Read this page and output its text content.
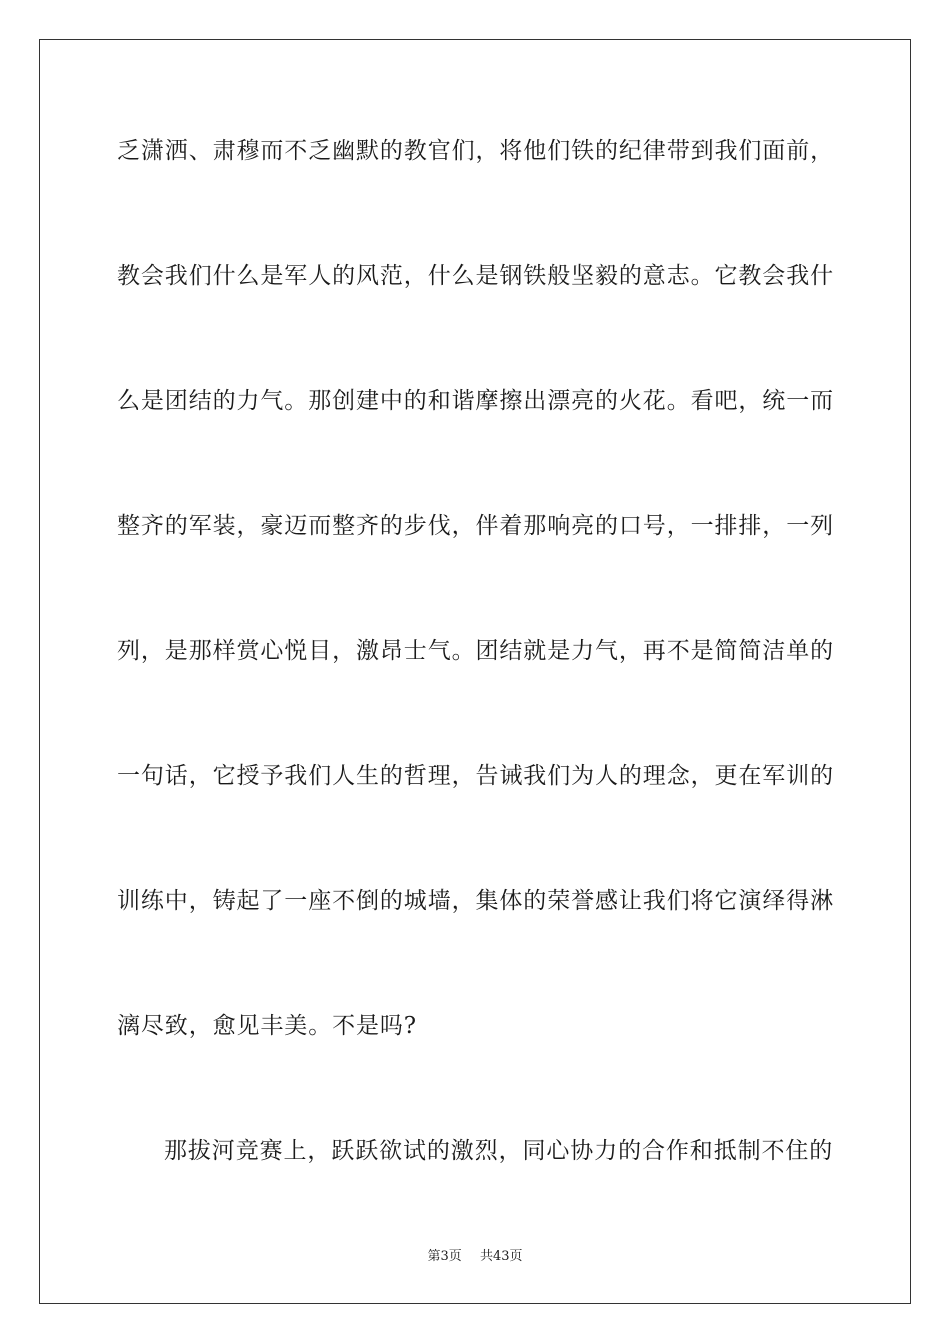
乏潇洒、肃穆而不乏幽默的教官们，将他们铁的纪律带到我们面前，
教会我们什么是军人的风范，什么是钢铁般坚毅的意志。它教会我什
么是团结的力气。那创建中的和谐摩擦出漂亮的火花。看吧，统一而
整齐的军装，豪迈而整齐的步伐，伴着那响亮的口号，一排排，一列
列，是那样赏心悦目，激昂士气。团结就是力气，再不是简简洁单的
一句话，它授予我们人生的哲理，告诫我们为人的理念，更在军训的
训练中，铸起了一座不倒的城墙，集体的荣誉感让我们将它演绎得淋
漓尽致，愈见丰美。不是吗?
那拔河竞赛上，跃跃欲试的激烈，同心协力的合作和抵制不住的
第3页 共43页
